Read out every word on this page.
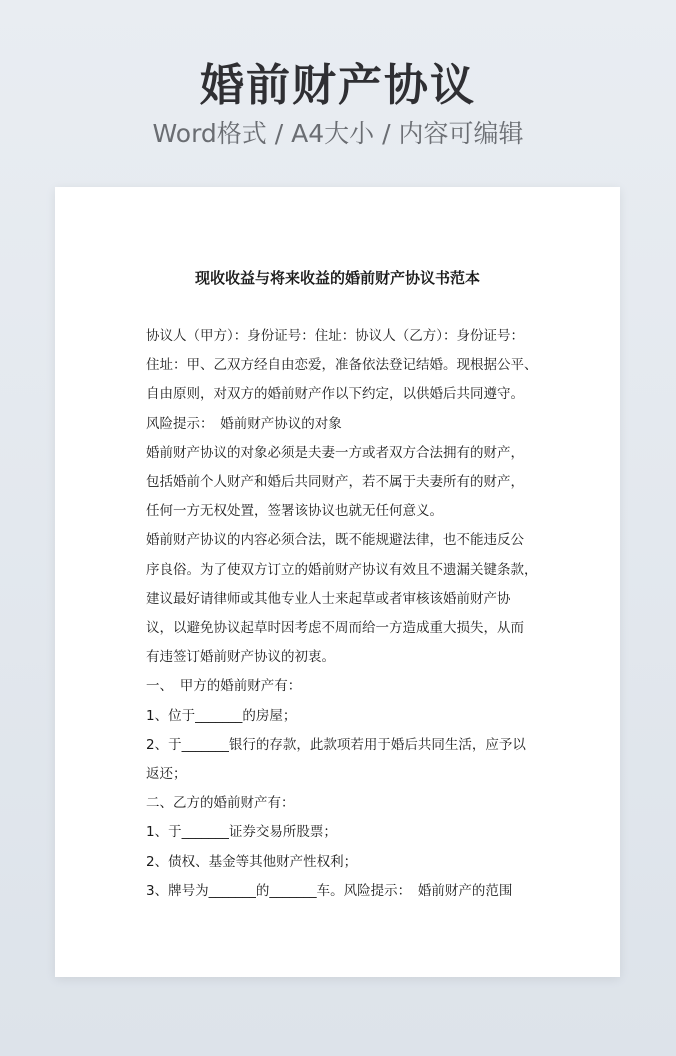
婚前财产协议
Word格式 / A4大小 / 内容可编辑
现收收益与将来收益的婚前财产协议书范本

协议人（甲方）：身份证号：住址：协议人（乙方）：身份证号：

住址：甲、乙双方经自由恋爱，准备依法登记结婚。现根据公平、

自由原则，对双方的婚前财产作以下约定，以供婚后共同遵守。

风险提示：　婚前财产协议的对象

婚前财产协议的对象必须是夫妻一方或者双方合法拥有的财产，

包括婚前个人财产和婚后共同财产，若不属于夫妻所有的财产，

任何一方无权处置，签署该协议也就无任何意义。

婚前财产协议的内容必须合法，既不能规避法律，也不能违反公

序良俗。为了使双方订立的婚前财产协议有效且不遗漏关键条款，

建议最好请律师或其他专业人士来起草或者审核该婚前财产协

议，以避免协议起草时因考虑不周而给一方造成重大损失，从而

有违签订婚前财产协议的初衷。

一、　甲方的婚前财产有：

1、位于_______的房屋；

2、于_______银行的存款，此款项若用于婚后共同生活，应予以

返还；

二、乙方的婚前财产有：

1、于_______证券交易所股票；

2、债权、基金等其他财产性权利；

3、牌号为_______的_______车。风险提示：　婚前财产的范围
